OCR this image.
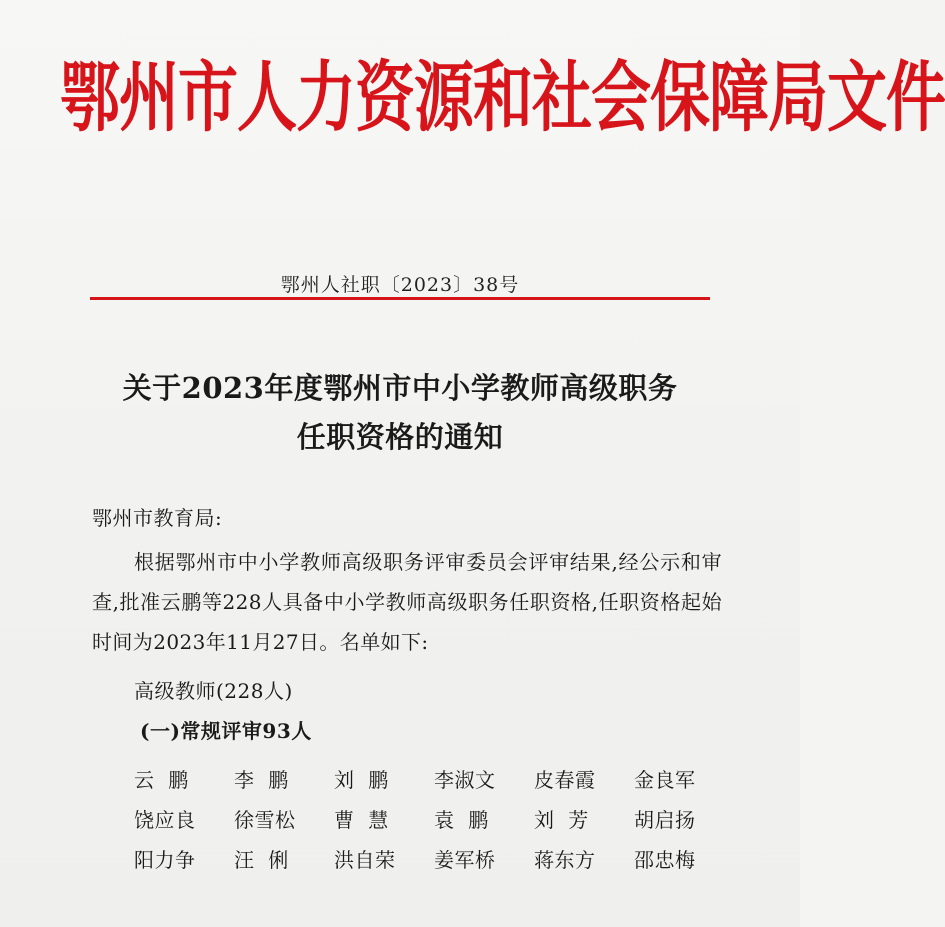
鄂州市人力资源和社会保障局文件
鄂州人社职〔2023〕38号
关于2023年度鄂州市中小学教师高级职务
任职资格的通知
鄂州市教育局:
根据鄂州市中小学教师高级职务评审委员会评审结果,经公示和审查,批准云鹏等228人具备中小学教师高级职务任职资格,任职资格起始时间为2023年11月27日。名单如下:
高级教师(228人)
(一)常规评审93人
云  鹏	李  鹏	刘  鹏	李淑文	皮春霞	金良军
饶应良	徐雪松	曹  慧	袁  鹏	刘  芳	胡启扬
阳力争	汪  俐	洪自荣	姜军桥	蒋东方	邵忠梅
